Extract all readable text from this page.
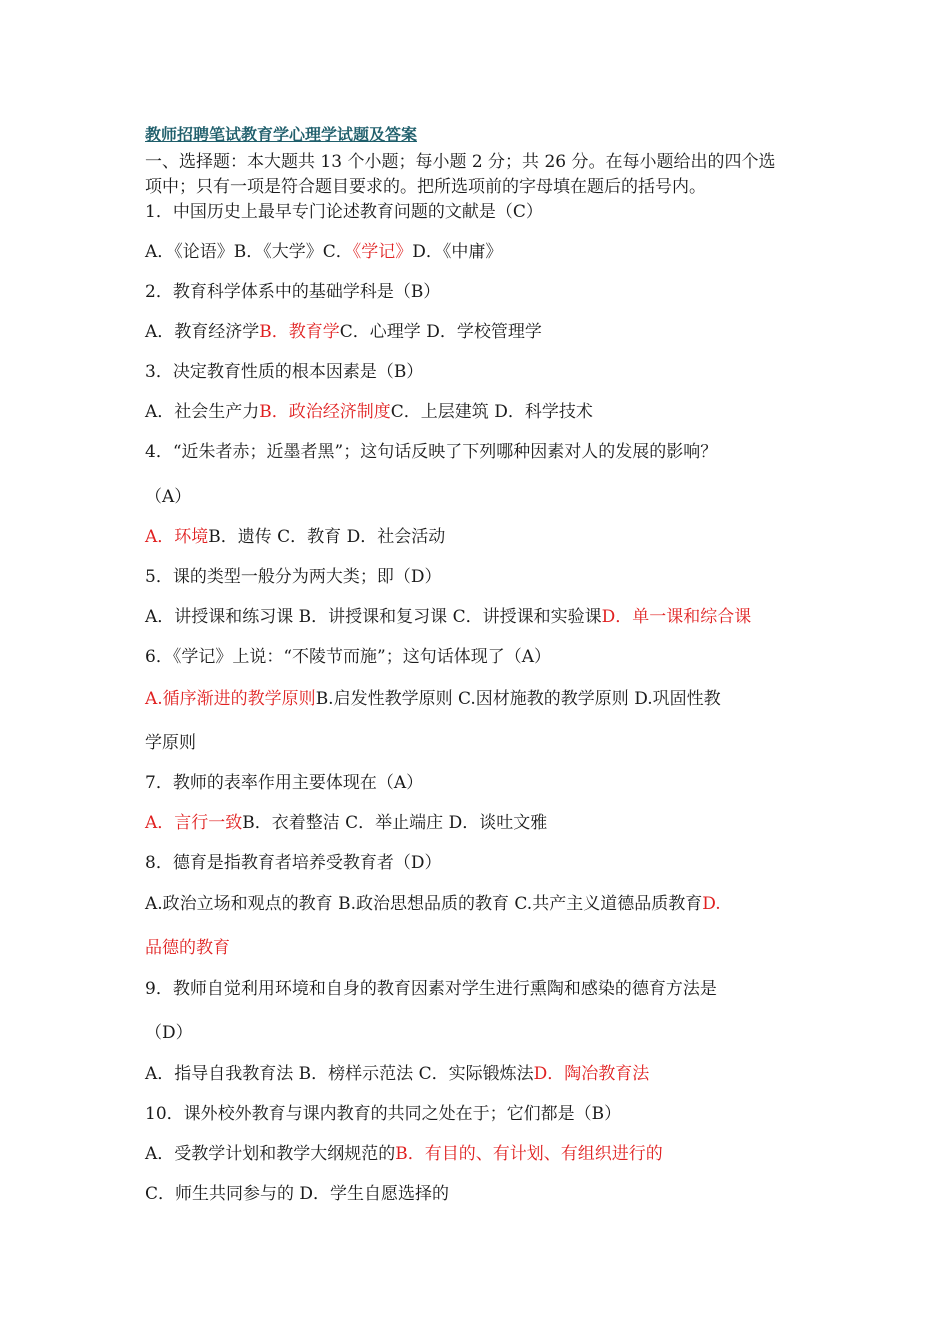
教师招聘笔试教育学心理学试题及答案
一、选择题：本大题共 13 个小题；每小题 2 分；共 26 分。在每小题给出的四个选
项中；只有一项是符合题目要求的。把所选项前的字母填在题后的括号内。
1．中国历史上最早专门论述教育问题的文献是（C）
A．《论语》B．《大学》C．《学记》D．《中庸》
2．教育科学体系中的基础学科是（B）
A．教育经济学B．教育学C．心理学 D．学校管理学
3．决定教育性质的根本因素是（B）
A．社会生产力B．政治经济制度C．上层建筑 D．科学技术
4．“近朱者赤；近墨者黑”；这句话反映了下列哪种因素对人的发展的影响？
（A）
A．环境B．遗传 C．教育 D．社会活动
5．课的类型一般分为两大类；即（D）
A．讲授课和练习课 B．讲授课和复习课 C．讲授课和实验课D．单一课和综合课
6．《学记》上说：“不陵节而施”；这句话体现了（A）
A.循序渐进的教学原则B.启发性教学原则 C.因材施教的教学原则 D.巩固性教
学原则
7．教师的表率作用主要体现在（A）
A．言行一致B．衣着整洁 C．举止端庄 D．谈吐文雅
8．德育是指教育者培养受教育者（D）
A.政治立场和观点的教育 B.政治思想品质的教育 C.共产主义道德品质教育D.
品德的教育
9．教师自觉利用环境和自身的教育因素对学生进行熏陶和感染的德育方法是
（D）
A．指导自我教育法 B．榜样示范法 C．实际锻炼法D．陶冶教育法
10．课外校外教育与课内教育的共同之处在于；它们都是（B）
A．受教学计划和教学大纲规范的B．有目的、有计划、有组织进行的
C．师生共同参与的 D．学生自愿选择的
